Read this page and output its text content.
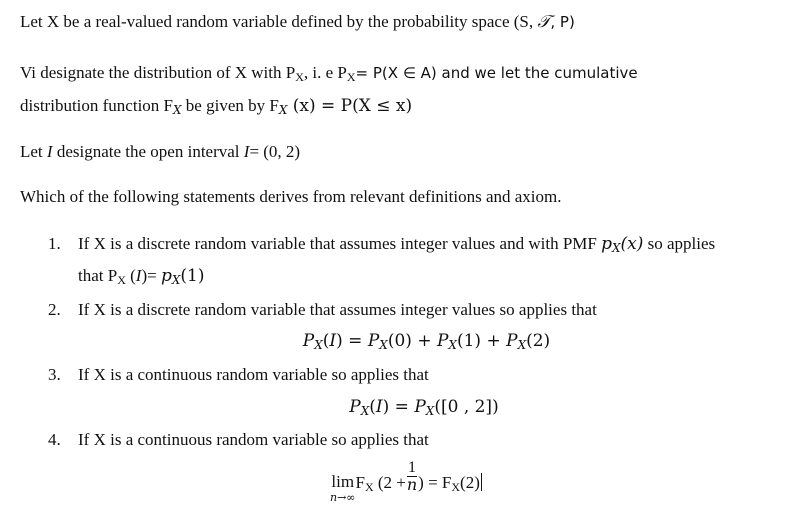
Let X be a real-valued random variable defined by the probability space (S, 𝒯, P)
Vi designate the distribution of X with $P_X$, i. e $P_X= P(X$ ∈ A) and we let the cumulative
distribution function $F_X$ be given by $F_X$ (x) = P(X ≤ x)
Let I designate the open interval I= (0, 2)
Which of the following statements derives from relevant definitions and axiom.
1. If X is a discrete random variable that assumes integer values and with PMF $p_X(x)$ so applies
that $P_X$ $(I)= p_X(1)$
2. If X is a discrete random variable that assumes integer values so applies that
$P_X(I) = P_X(0) + P_X(1) + P_X(2)$
3. If X is a continuous random variable so applies that
$P_X(I) = P_X([0$ , 2])
4. If X is a continuous random variable so applies that
lim
n→∞
$F_X$ ($2 + \frac{1}{n}$ ) = $F_X(2)$
